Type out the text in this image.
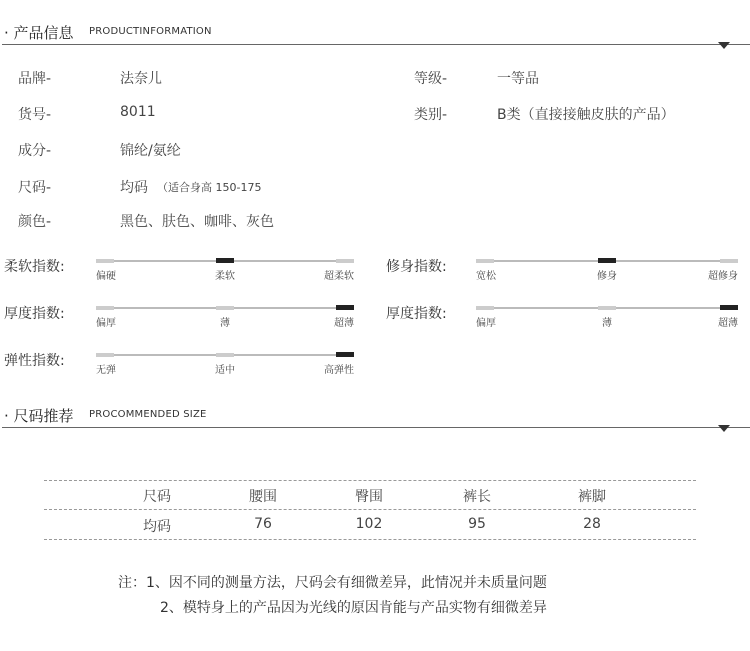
· 产品信息 PRODUCTINFORMATION
品牌-	法奈儿	等级-	一等品
货号-	8011	类别-	B类（直接接触皮肤的产品）
成分-	锦纶/氨纶
尺码-	均码 （适合身高 150-175
颜色-	黑色、肤色、咖啡、灰色
柔软指数:
偏硬	柔软	超柔软
修身指数:
宽松	修身	超修身
厚度指数:
偏厚	薄	超薄
厚度指数:
偏厚	薄	超薄
弹性指数:
无弹	适中	高弹性
· 尺码推荐 PROCOMMENDED SIZE
尺码	腰围	臀围	裤长	裤脚
均码	76	102	95	28
注：1、因不同的测量方法，尺码会有细微差异，此情况并未质量问题
2、模特身上的产品因为光线的原因肯能与产品实物有细微差异
